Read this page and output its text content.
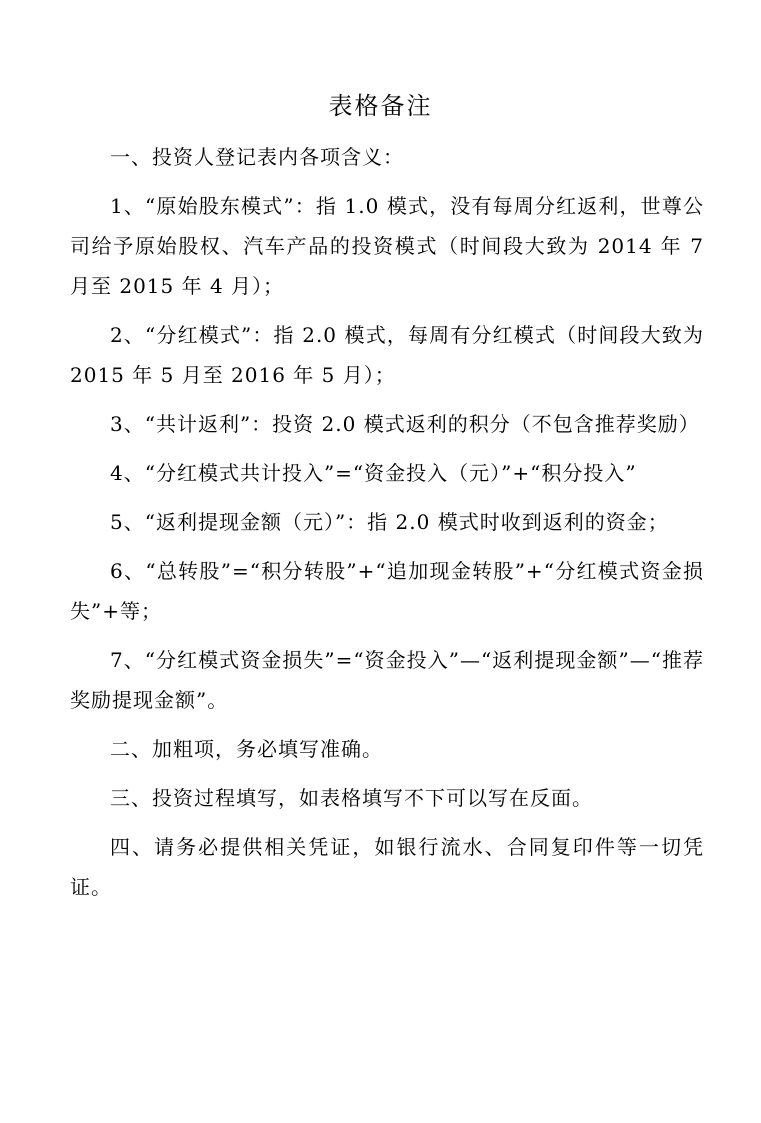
表格备注

一、投资人登记表内各项含义：

1、“原始股东模式”：指 1.0 模式，没有每周分红返利，世尊公司给予原始股权、汽车产品的投资模式（时间段大致为 2014 年 7 月至 2015 年 4 月）；

2、“分红模式”：指 2.0 模式，每周有分红模式（时间段大致为 2015 年 5 月至 2016 年 5 月）；

3、“共计返利”：投资 2.0 模式返利的积分（不包含推荐奖励）

4、“分红模式共计投入”=“资金投入（元）”+“积分投入”

5、“返利提现金额（元）”：指 2.0 模式时收到返利的资金；

6、“总转股”=“积分转股”+“追加现金转股”+“分红模式资金损失”+等；

7、“分红模式资金损失”=“资金投入”—“返利提现金额”—“推荐奖励提现金额”。

二、加粗项，务必填写准确。

三、投资过程填写，如表格填写不下可以写在反面。

四、请务必提供相关凭证，如银行流水、合同复印件等一切凭证。
